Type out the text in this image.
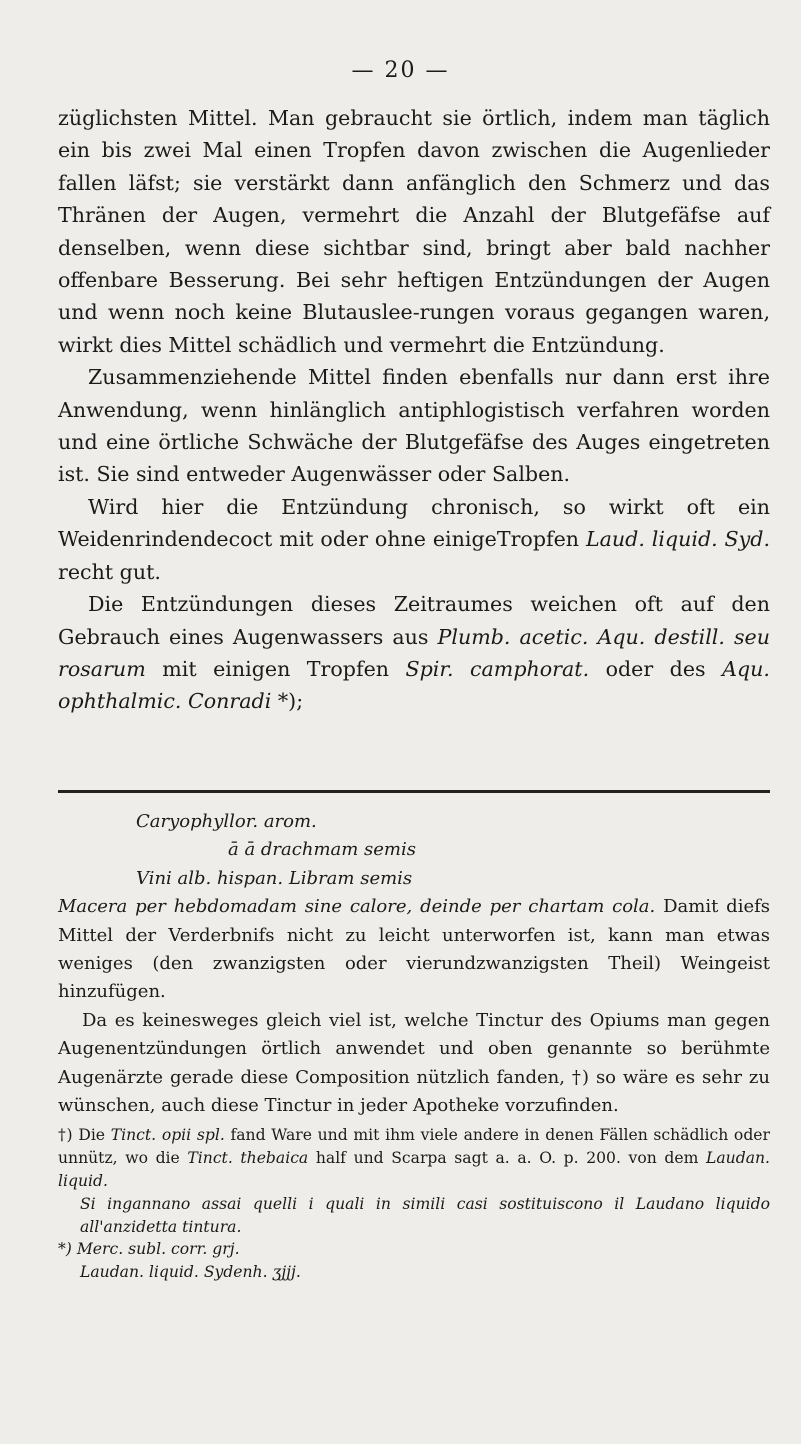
— 20 —

züglichsten Mittel. Man gebraucht sie örtlich, indem man täglich ein bis zwei Mal einen Tropfen davon zwischen die Augenlieder fallen läfst; sie verstärkt dann anfänglich den Schmerz und das Thränen der Augen, vermehrt die Anzahl der Blutgefäfse auf denselben, wenn diese sichtbar sind, bringt aber bald nachher offenbare Besserung. Bei sehr heftigen Entzündungen der Augen und wenn noch keine Blutauslee-rungen voraus gegangen waren, wirkt dies Mittel schädlich und vermehrt die Entzündung.

Zusammenziehende Mittel finden ebenfalls nur dann erst ihre Anwendung, wenn hinlänglich antiphlogistisch verfahren worden und eine örtliche Schwäche der Blutgefäfse des Auges eingetreten ist. Sie sind entweder Augenwässer oder Salben.

Wird hier die Entzündung chronisch, so wirkt oft ein Weidenrindendecoct mit oder ohne einigeTropfen Laud. liquid. Syd. recht gut.

Die Entzündungen dieses Zeitraumes weichen oft auf den Gebrauch eines Augenwassers aus Plumb. acetic. Aqu. destill. seu rosarum mit einigen Tropfen Spir. camphorat. oder des Aqu. ophthalmic. Conradi *);

Caryophyllor. arom.
ā ā drachmam semis
Vini alb. hispan. Libram semis

Macera per hebdomadam sine calore, deinde per chartam cola. Damit diefs Mittel der Verderbnifs nicht zu leicht unterworfen ist, kann man etwas weniges (den zwanzigsten oder vierundzwanzigsten Theil) Weingeist hinzufügen.

Da es keinesweges gleich viel ist, welche Tinctur des Opiums man gegen Augenentzündungen örtlich anwendet und oben genannte so berühmte Augenärzte gerade diese Composition nützlich fanden, †) so wäre es sehr zu wünschen, auch diese Tinctur in jeder Apotheke vorzufinden.

†) Die Tinct. opii spl. fand Ware und mit ihm viele andere in denen Fällen schädlich oder unnütz, wo die Tinct. thebaica half und Scarpa sagt a. a. O. p. 200. von dem Laudan. liquid.

Si ingannano assai quelli i quali in simili casi sostituiscono il Laudano liquido all'anzidetta tintura.

*) Merc. subl. corr. grj.

Laudan. liquid. Sydenh. ʒjjj.
